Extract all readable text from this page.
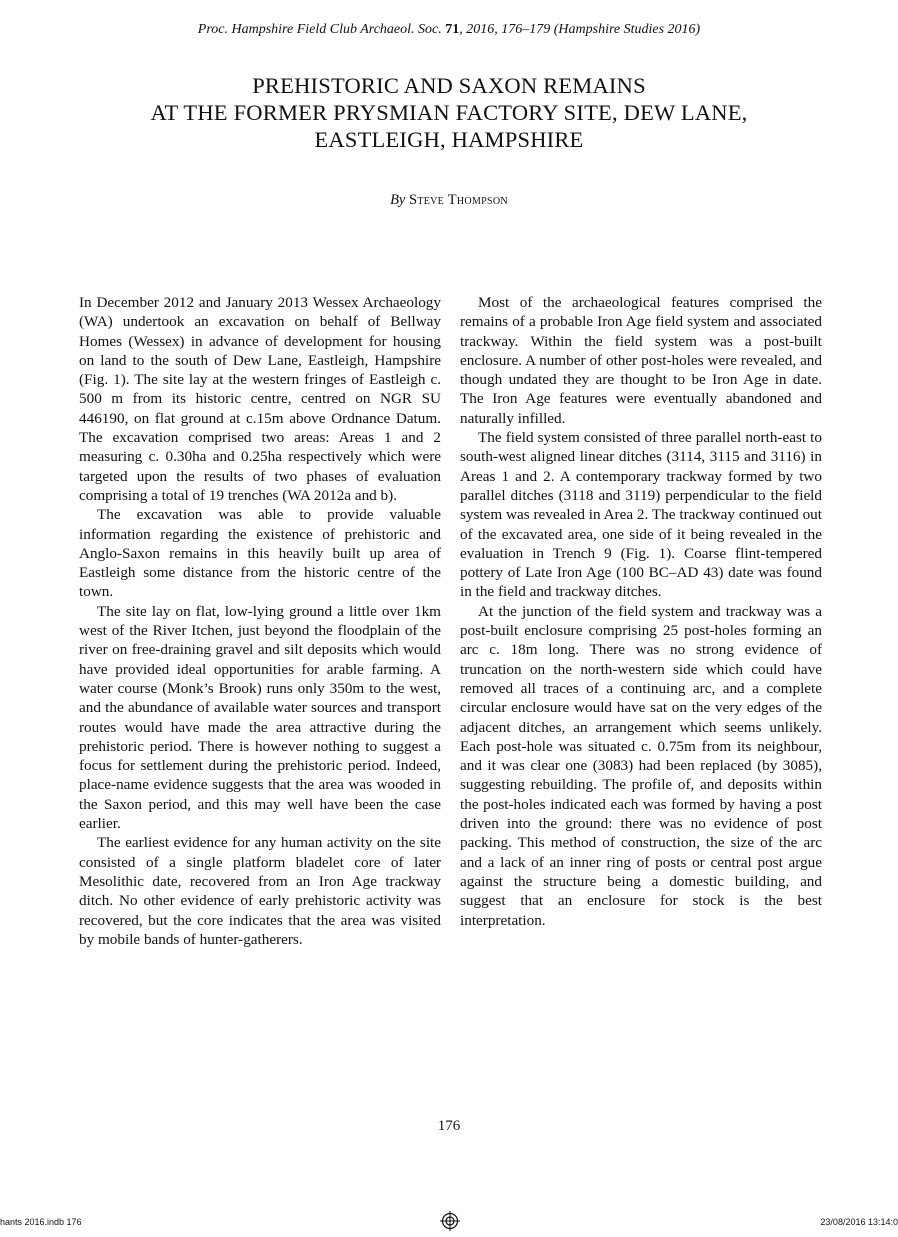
Proc. Hampshire Field Club Archaeol. Soc. 71, 2016, 176–179 (Hampshire Studies 2016)
PREHISTORIC AND SAXON REMAINS
AT THE FORMER PRYSMIAN FACTORY SITE, DEW LANE,
EASTLEIGH, HAMPSHIRE
By Steve Thompson

In December 2012 and January 2013 Wessex Archaeology (WA) undertook an excavation on behalf of Bellway Homes (Wessex) in advance of development for housing on land to the south of Dew Lane, Eastleigh, Hampshire (Fig. 1). The site lay at the western fringes of Eastleigh c. 500 m from its historic centre, centred on NGR SU 446190, on flat ground at c.15m above Ordnance Datum. The excavation comprised two areas: Areas 1 and 2 measuring c. 0.30ha and 0.25ha respectively which were targeted upon the results of two phases of evaluation comprising a total of 19 trenches (WA 2012a and b).

The excavation was able to provide valuable information regarding the existence of prehistoric and Anglo-Saxon remains in this heavily built up area of Eastleigh some distance from the historic centre of the town.

The site lay on flat, low-lying ground a little over 1km west of the River Itchen, just beyond the floodplain of the river on free-draining gravel and silt deposits which would have provided ideal opportunities for arable farming. A water course (Monk’s Brook) runs only 350m to the west, and the abundance of available water sources and transport routes would have made the area attractive during the prehistoric period. There is however nothing to suggest a focus for settlement during the prehistoric period. Indeed, place-name evidence suggests that the area was wooded in the Saxon period, and this may well have been the case earlier.

The earliest evidence for any human activity on the site consisted of a single platform bladelet core of later Mesolithic date, recovered from an Iron Age trackway ditch. No other evidence of early prehistoric activity was recovered, but the core indicates that the area was visited by mobile bands of hunter-gatherers.

Most of the archaeological features comprised the remains of a probable Iron Age field system and associated trackway. Within the field system was a post-built enclosure. A number of other post-holes were revealed, and though undated they are thought to be Iron Age in date. The Iron Age features were eventually abandoned and naturally infilled.

The field system consisted of three parallel north-east to south-west aligned linear ditches (3114, 3115 and 3116) in Areas 1 and 2. A contemporary trackway formed by two parallel ditches (3118 and 3119) perpendicular to the field system was revealed in Area 2. The trackway continued out of the excavated area, one side of it being revealed in the evaluation in Trench 9 (Fig. 1). Coarse flint-tempered pottery of Late Iron Age (100 BC–AD 43) date was found in the field and trackway ditches.

At the junction of the field system and trackway was a post-built enclosure comprising 25 post-holes forming an arc c. 18m long. There was no strong evidence of truncation on the north-western side which could have removed all traces of a continuing arc, and a complete circular enclosure would have sat on the very edges of the adjacent ditches, an arrangement which seems unlikely. Each post-hole was situated c. 0.75m from its neighbour, and it was clear one (3083) had been replaced (by 3085), suggesting rebuilding. The profile of, and deposits within the post-holes indicated each was formed by having a post driven into the ground: there was no evidence of post packing. This method of construction, the size of the arc and a lack of an inner ring of posts or central post argue against the structure being a domestic building, and suggest that an enclosure for stock is the best interpretation.

176
hants 2016.indb 176	23/08/2016 13:14:0
